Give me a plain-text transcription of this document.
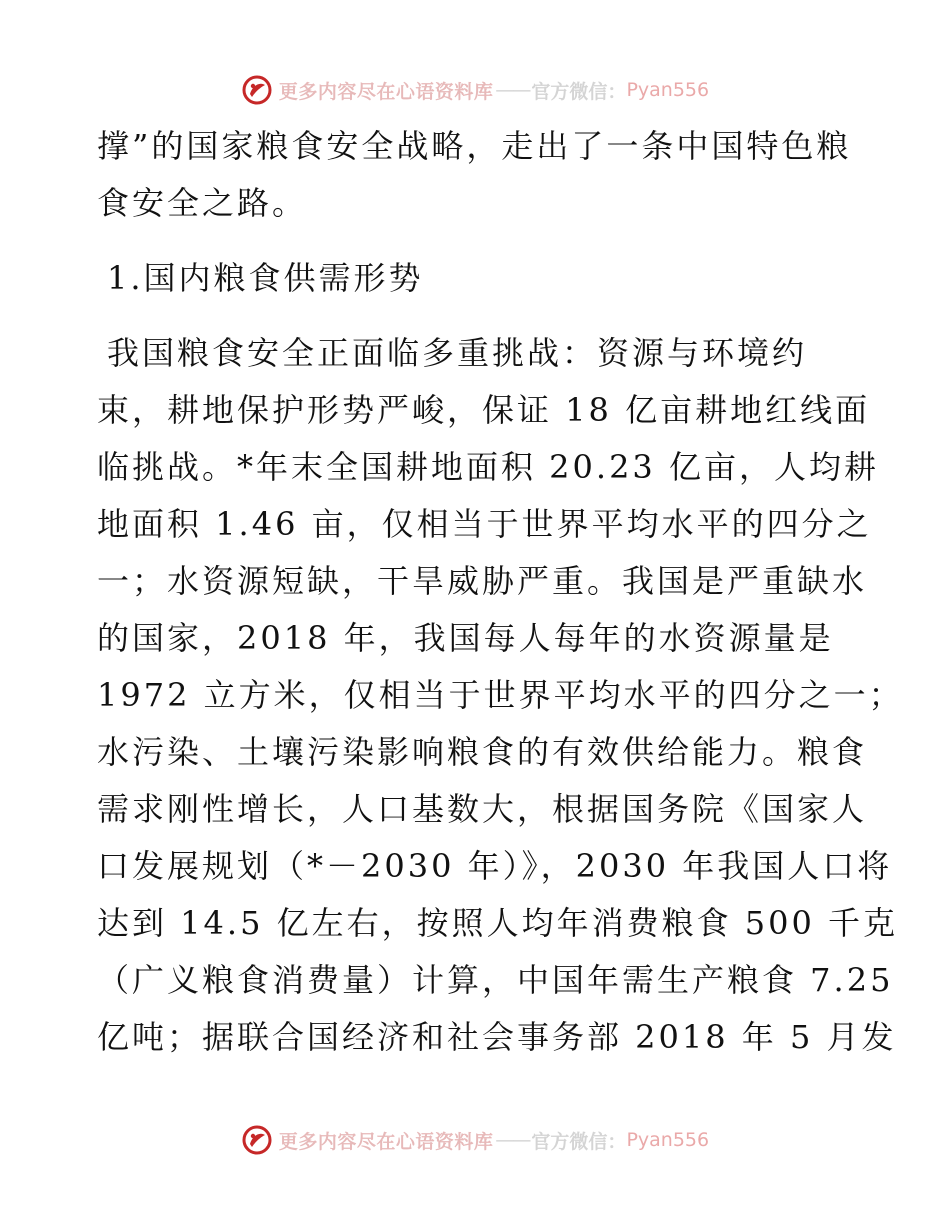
更多内容尽在心语资料库 —— 官方微信： Pyan556
撑”的国家粮食安全战略，走出了一条中国特色粮
食安全之路。
1.国内粮食供需形势
我国粮食安全正面临多重挑战：资源与环境约
束，耕地保护形势严峻，保证 18 亿亩耕地红线面
临挑战。*年末全国耕地面积 20.23 亿亩，人均耕
地面积 1.46 亩，仅相当于世界平均水平的四分之
一；水资源短缺，干旱威胁严重。我国是严重缺水
的国家，2018 年，我国每人每年的水资源量是
1972 立方米，仅相当于世界平均水平的四分之一；
水污染、土壤污染影响粮食的有效供给能力。粮食
需求刚性增长，人口基数大，根据国务院《国家人
口发展规划（*－2030 年）》，2030 年我国人口将
达到 14.5 亿左右，按照人均年消费粮食 500 千克
（广义粮食消费量）计算，中国年需生产粮食 7.25
亿吨；据联合国经济和社会事务部 2018 年 5 月发
更多内容尽在心语资料库 —— 官方微信： Pyan556
